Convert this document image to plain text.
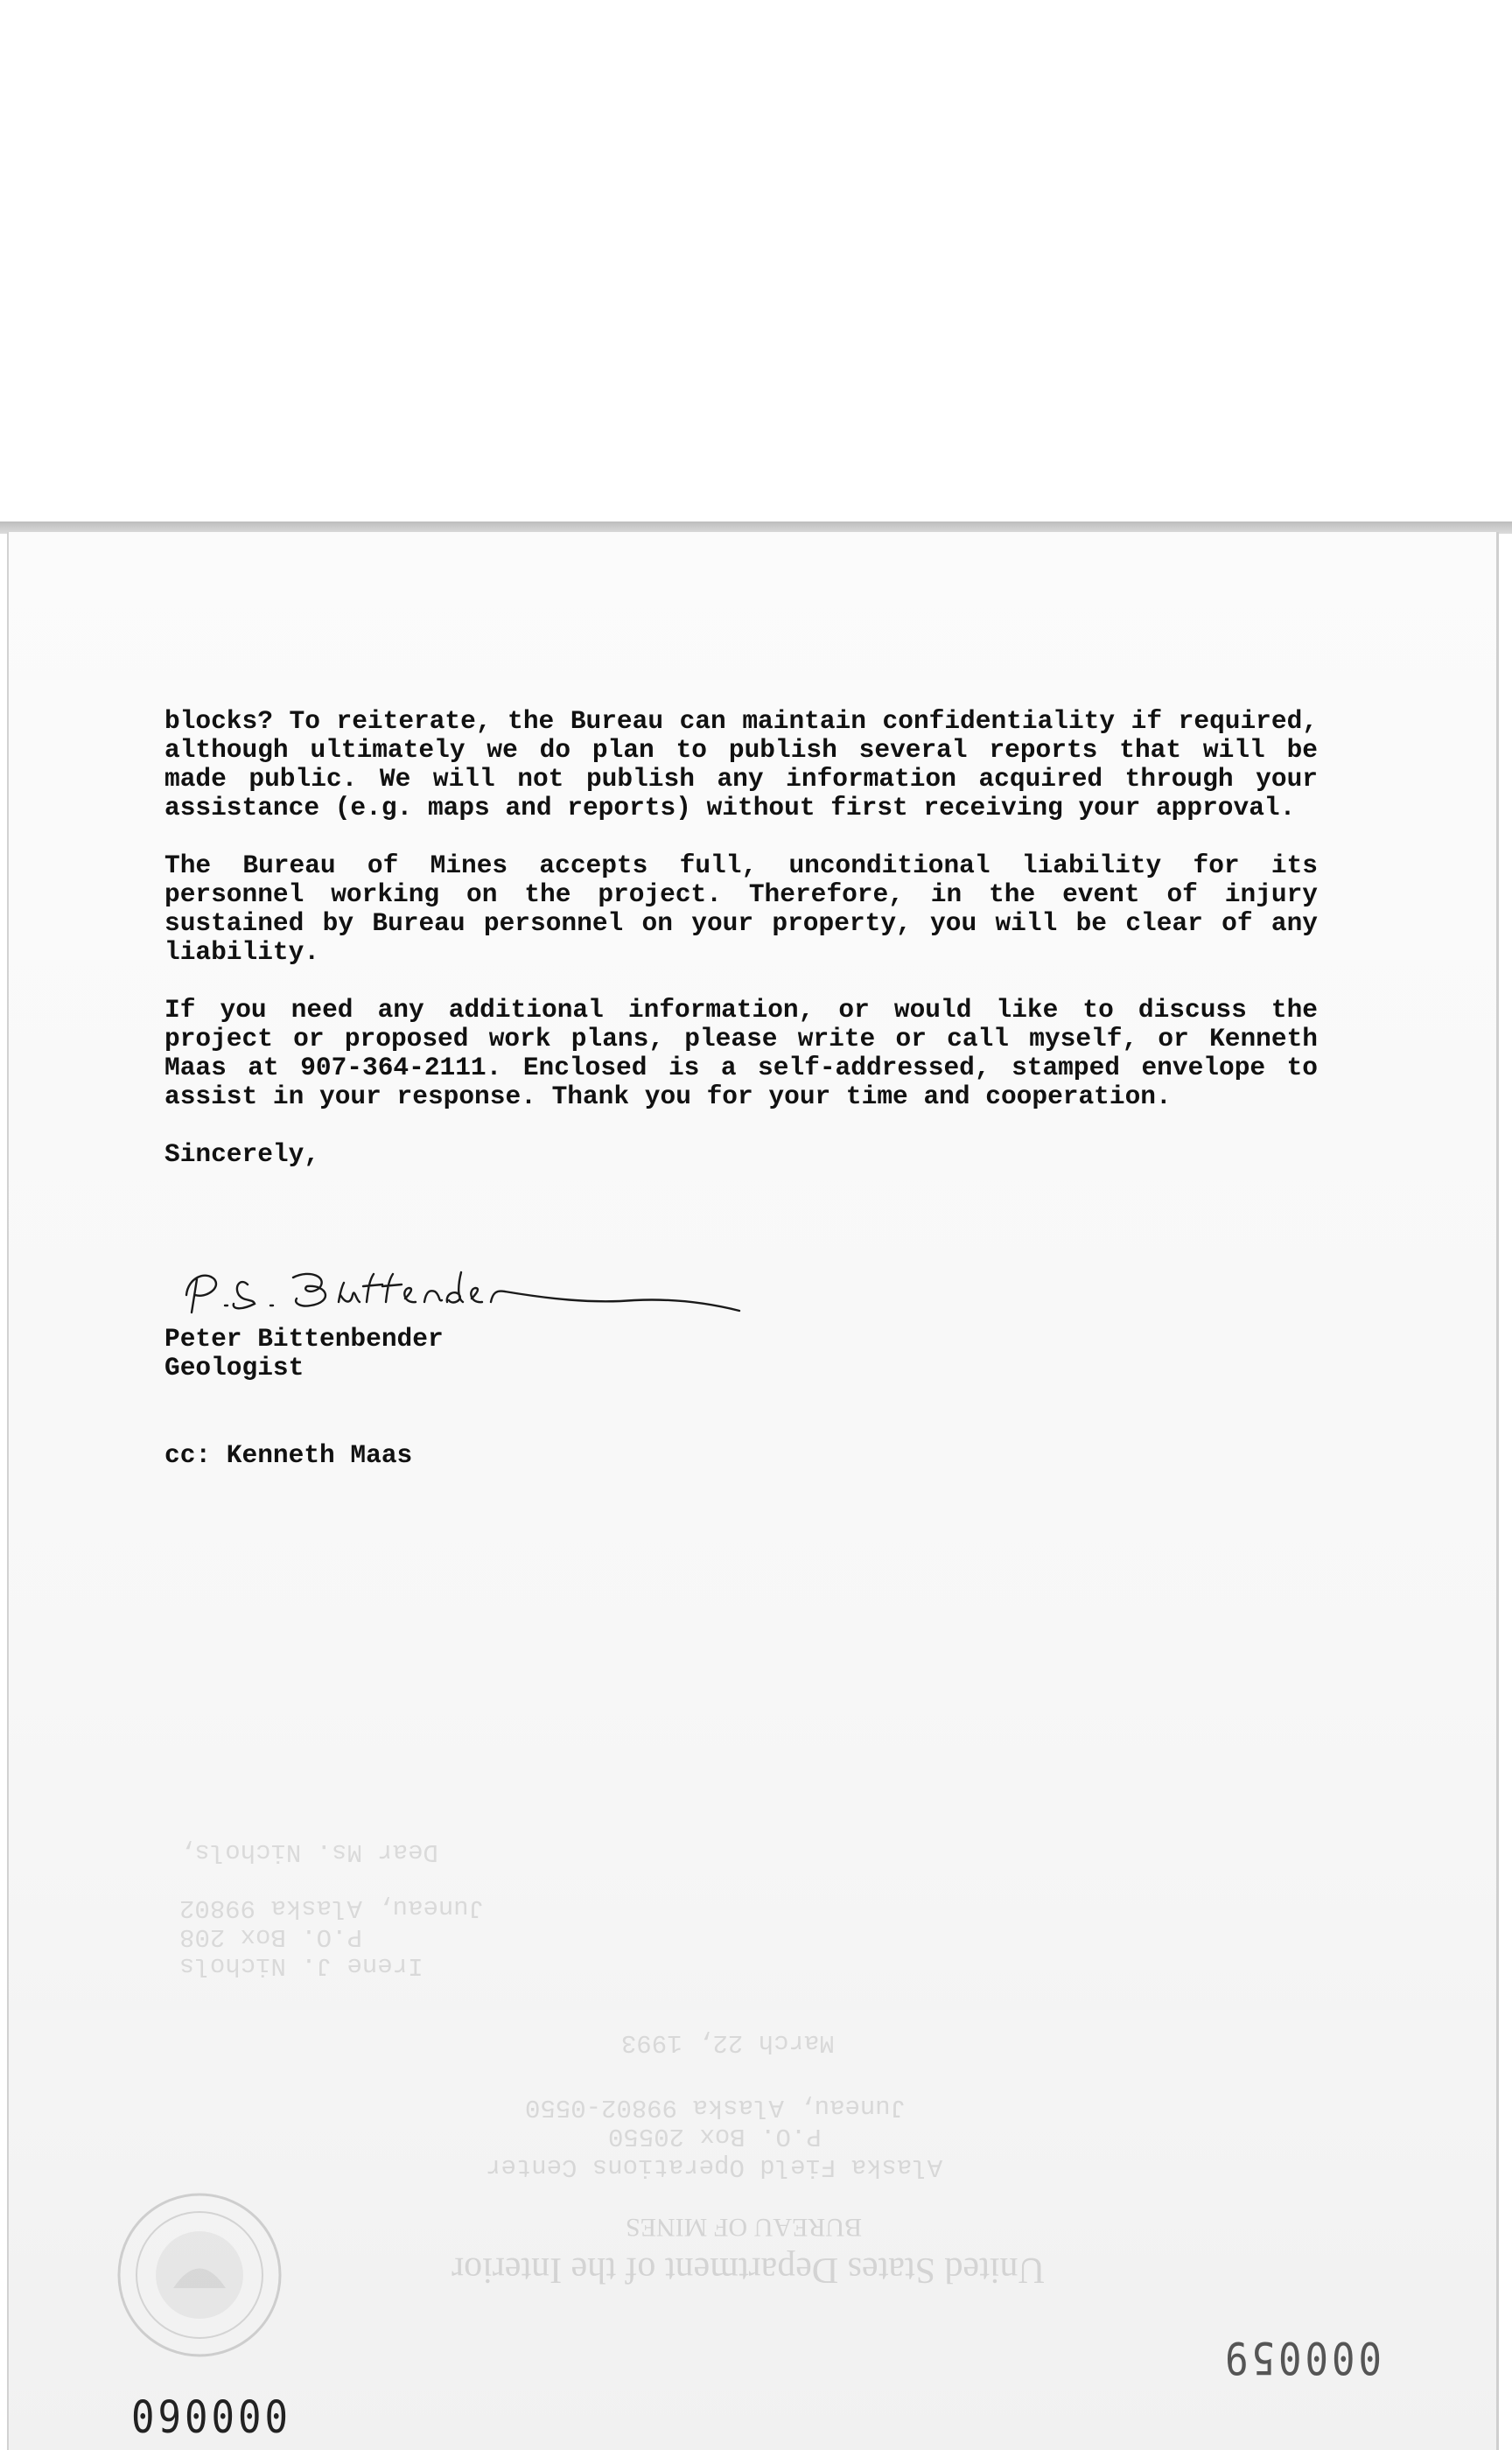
United States Department of the Interior
BUREAU OF MINES
Alaska Field Operations Center
P.O. Box 20550
Juneau, Alaska 99802-0550
March 22, 1993
Irene J. Nichols
P.O. Box 208
Juneau, Alaska 99802
Dear Ms. Nichols,

blocks? To reiterate, the Bureau can maintain confidentiality if required, although ultimately we do plan to publish several reports that will be made public. We will not publish any information acquired through your assistance (e.g. maps and reports) without first receiving your approval.

The Bureau of Mines accepts full, unconditional liability for its personnel working on the project. Therefore, in the event of injury sustained by Bureau personnel on your property, you will be clear of any liability.

If you need any additional information, or would like to discuss the project or proposed work plans, please write or call myself, or Kenneth Maas at 907-364-2111. Enclosed is a self-addressed, stamped envelope to assist in your response. Thank you for your time and cooperation.

Sincerely,

Peter Bittenbender
Geologist
cc: Kenneth Maas
090000
000059
